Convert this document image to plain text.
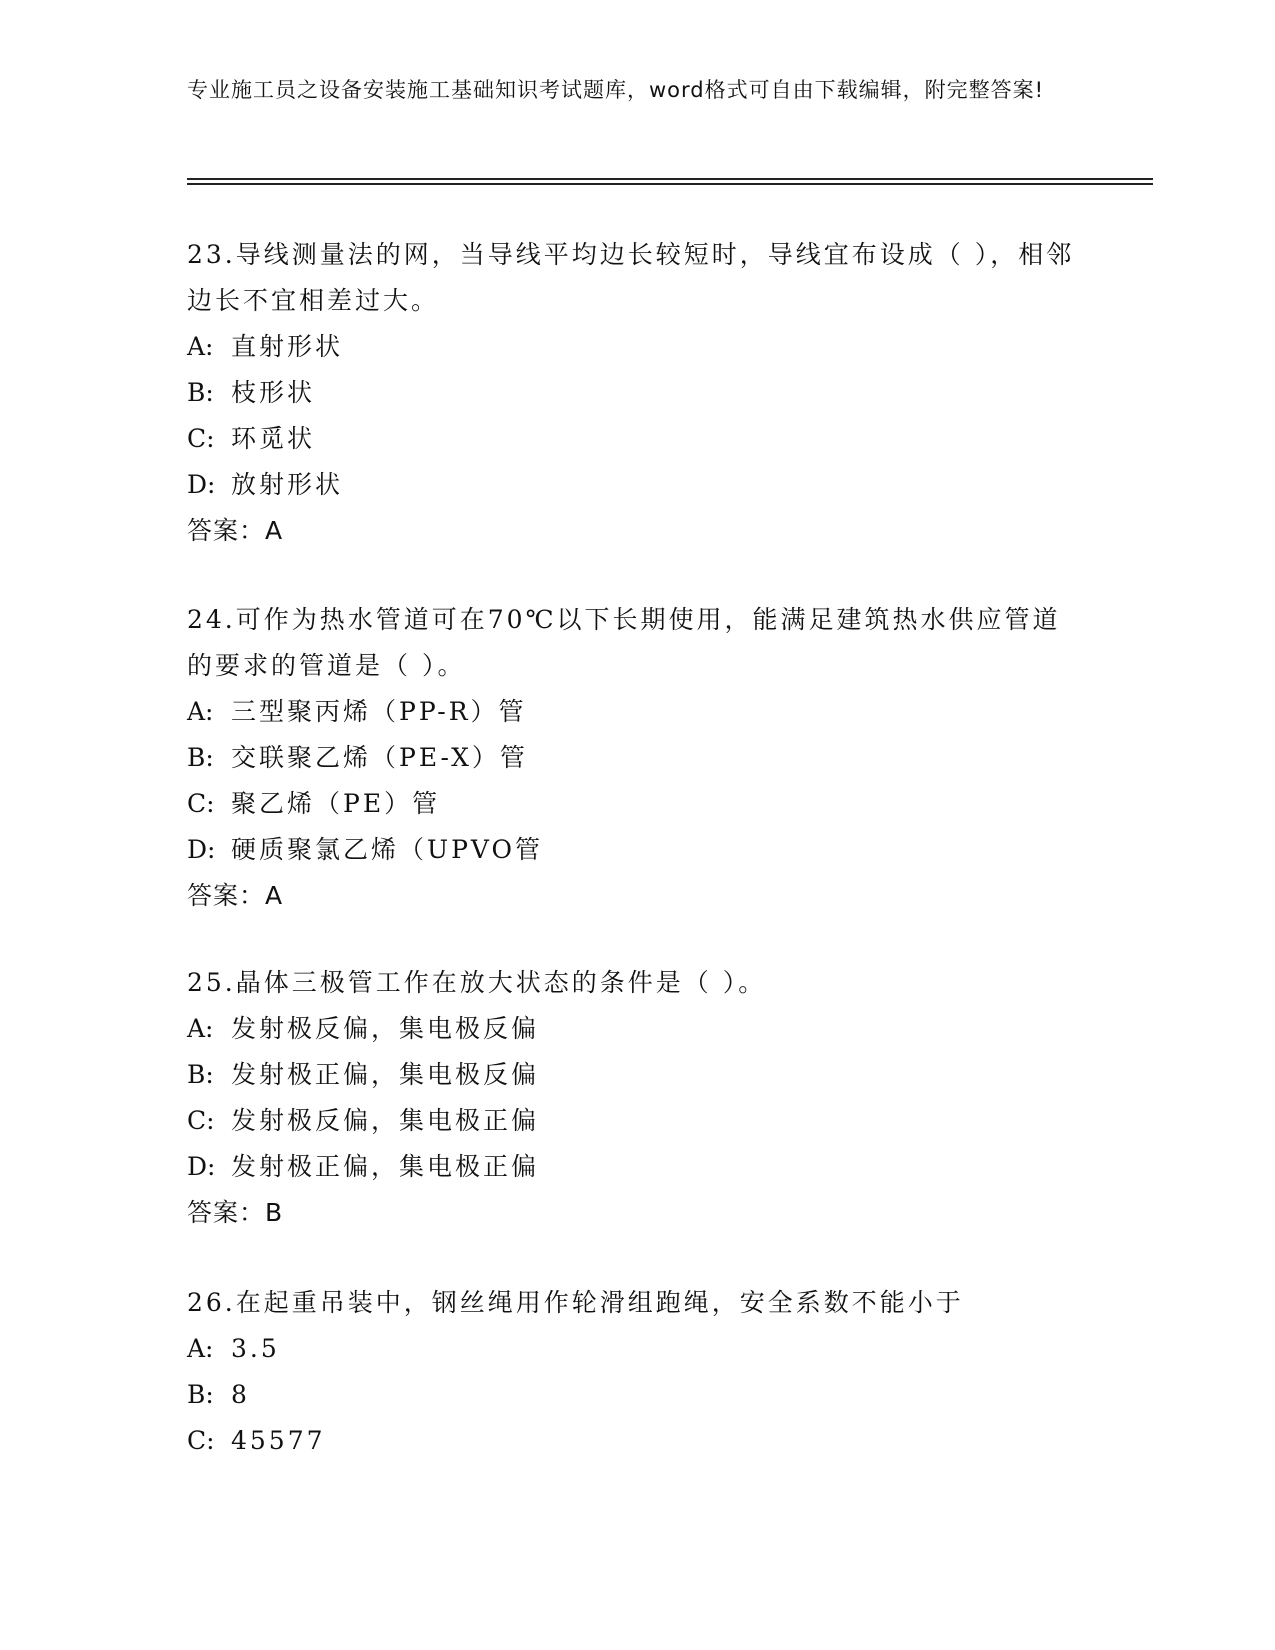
专业施工员之设备安装施工基础知识考试题库，word格式可自由下载编辑，附完整答案!
23.导线测量法的网，当导线平均边长较短时，导线宜布设成（ ），相邻边长不宜相差过大。
A: 直射形状
B: 枝形状
C: 环觅状
D: 放射形状
答案：A
24.可作为热水管道可在70℃以下长期使用，能满足建筑热水供应管道的要求的管道是（ ）。
A: 三型聚丙烯（PP-R）管
B: 交联聚乙烯（PE-X）管
C: 聚乙烯（PE）管
D: 硬质聚氯乙烯（UPVO管
答案：A
25.晶体三极管工作在放大状态的条件是（ ）。
A: 发射极反偏，集电极反偏
B: 发射极正偏，集电极反偏
C: 发射极反偏，集电极正偏
D: 发射极正偏，集电极正偏
答案：B
26.在起重吊装中，钢丝绳用作轮滑组跑绳，安全系数不能小于
A: 3.5
B: 8
C: 45577
